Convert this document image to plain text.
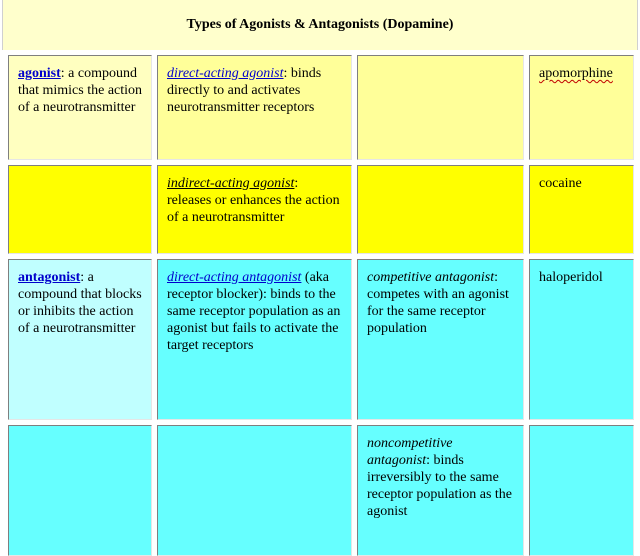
Types of Agonists & Antagonists (Dopamine)
agonist: a compound that mimics the action of a neurotransmitter
direct-acting agonist: binds directly to and activates neurotransmitter receptors
apomorphine
indirect-acting agonist: releases or enhances the action of a neurotransmitter
cocaine
antagonist: a compound that blocks or inhibits the action of a neurotransmitter
direct-acting antagonist (aka receptor blocker): binds to the same receptor population as an agonist but fails to activate the target receptors
competitive antagonist: competes with an agonist for the same receptor population
haloperidol
noncompetitive antagonist: binds irreversibly to the same receptor population as the agonist
